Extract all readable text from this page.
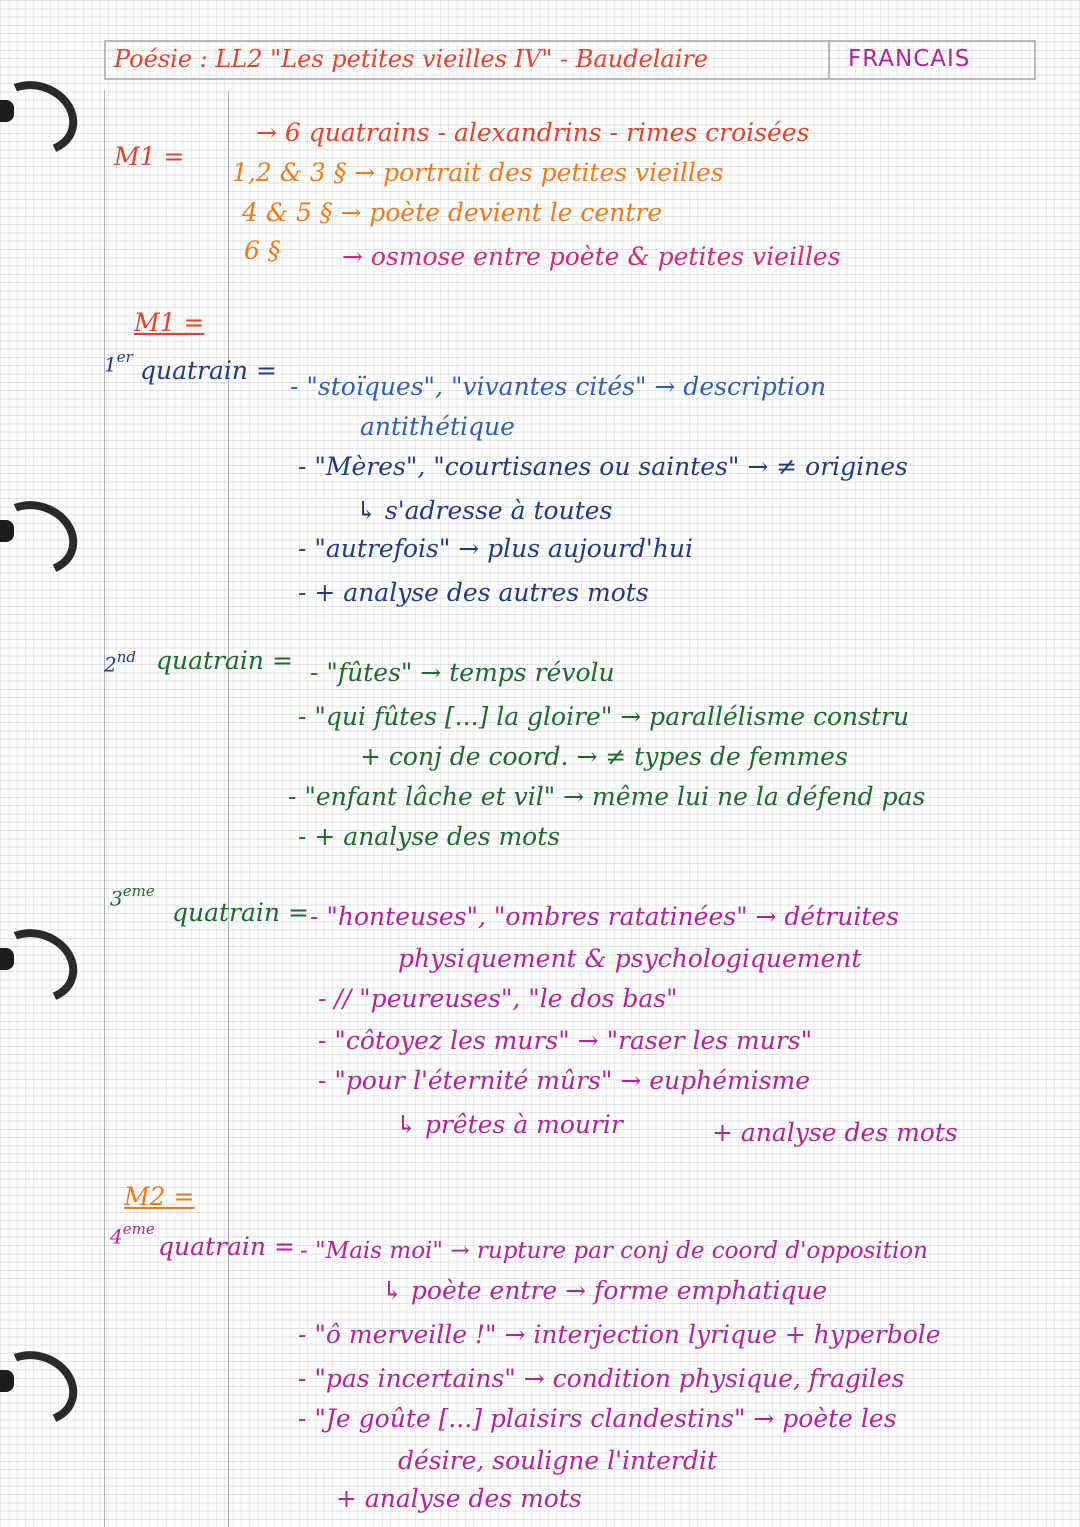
Poésie : LL2 "Les petites vieilles IV" - Baudelaire	FRANCAIS
M1 =
→ 6 quatrains - alexandrins - rimes croisées
1,2 & 3 § → portrait des petites vieilles
4 & 5 § → poète devient le centre
6 § → osmose entre poète & petites vieilles
M1 =
1er quatrain =
- "stoïques", "vivantes cités" → description
antithétique
- "Mères", "courtisanes ou saintes" → ≠ origines
↳ s'adresse à toutes
- "autrefois" → plus aujourd'hui
- + analyse des autres mots
2nd quatrain = - "fûtes" → temps révolu
- "qui fûtes [...] la gloire" → parallélisme constru
+ conj de coord. → ≠ types de femmes
- "enfant lâche et vil" → même lui ne la défend pas
- + analyse des mots
3eme
quatrain = - "honteuses", "ombres ratatinées" → détruites
physiquement & psychologiquement
- // "peureuses", "le dos bas"
- "côtoyez les murs" → "raser les murs"
- "pour l'éternité mûrs" → euphémisme
↳ prêtes à mourir	+ analyse des mots
M2 =
4eme
quatrain = - "Mais moi" → rupture par conj de coord d'opposition
↳ poète entre → forme emphatique
- "ô merveille !" → interjection lyrique + hyperbole
- "pas incertains" → condition physique, fragiles
- "Je goûte [...] plaisirs clandestins" → poète les
désire, souligne l'interdit
+ analyse des mots
